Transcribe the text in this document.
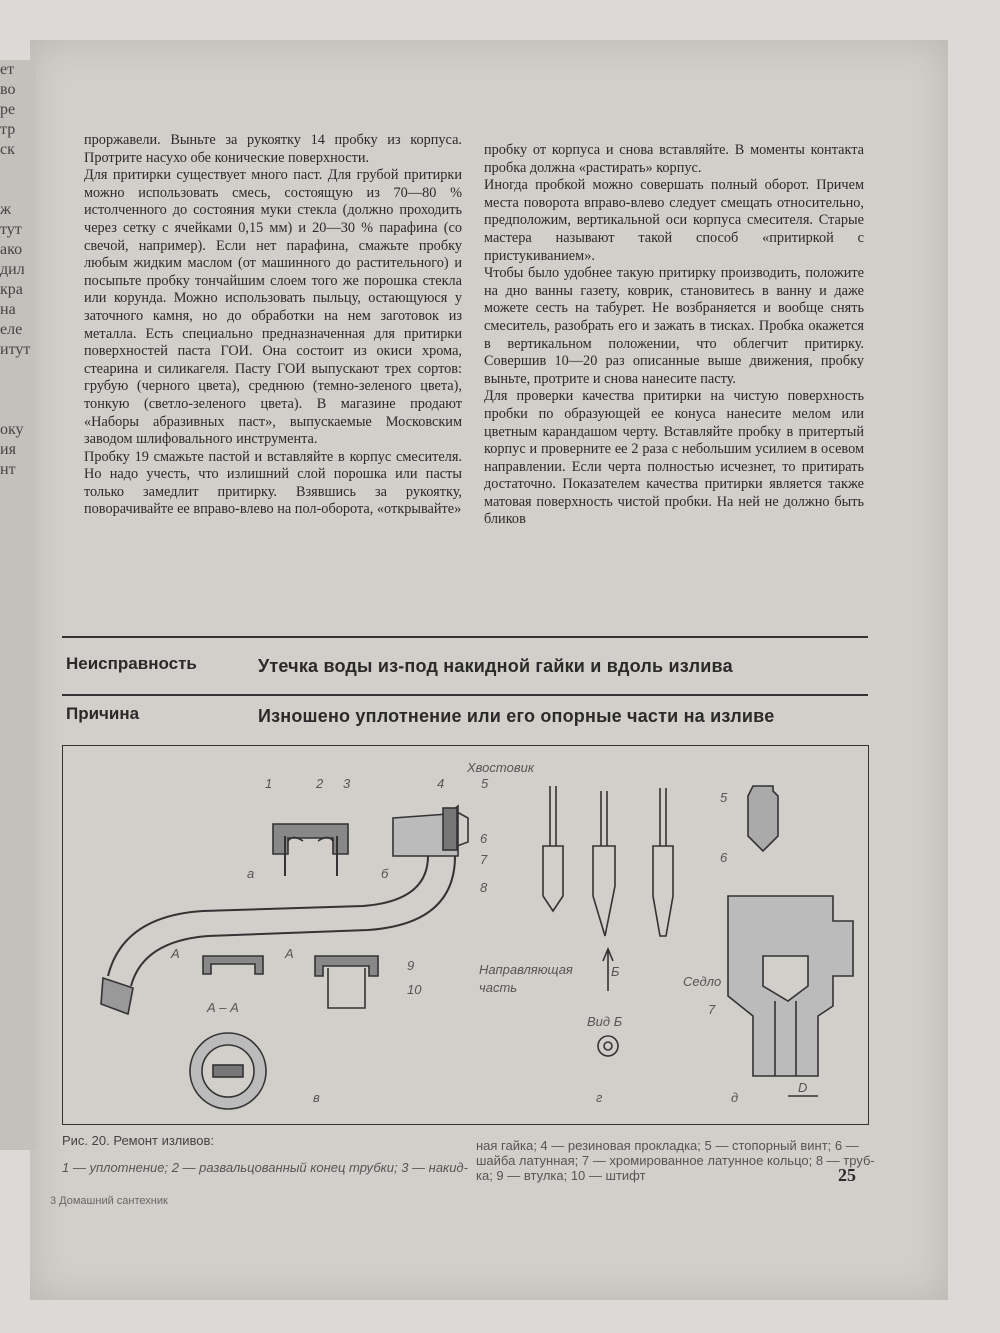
ет
во
ре
тр
ск
ж
тут
ако
дил
кра
на
еле
итут
оку
ия
нт

проржавели. Выньте за рукоятку 14 пробку из корпуса. Протрите насухо обе конические поверхности.

Для притирки существует много паст. Для грубой притирки можно использовать смесь, состоящую из 70—80 % истолченного до состояния муки стекла (должно проходить через сетку с ячейками 0,15 мм) и 20—30 % парафина (со свечой, например). Если нет парафина, смажьте пробку любым жидким маслом (от машинного до растительного) и посыпьте пробку тончайшим слоем того же порошка стекла или корунда. Можно использовать пыльцу, остающуюся у заточного камня, но до обработки на нем заготовок из металла. Есть специально предназначенная для притирки поверхностей паста ГОИ. Она состоит из окиси хрома, стеарина и силикагеля. Пасту ГОИ выпускают трех сортов: грубую (черного цвета), среднюю (темно-зеленого цвета), тонкую (светло-зеленого цвета). В магазине продают «Наборы абразивных паст», выпускаемые Московским заводом шлифовального инструмента.

Пробку 19 смажьте пастой и вставляйте в корпус смесителя. Но надо учесть, что излишний слой порошка или пасты только замедлит притирку. Взявшись за рукоятку, поворачивайте ее вправо-влево на пол-оборота, «открывайте»

пробку от корпуса и снова вставляйте. В моменты контакта пробка должна «растирать» корпус.

Иногда пробкой можно совершать полный оборот. Причем места поворота вправо-влево следует смещать относительно, предположим, вертикальной оси корпуса смесителя. Старые мастера называют такой способ «притиркой с пристукиванием».

Чтобы было удобнее такую притирку производить, положите на дно ванны газету, коврик, становитесь в ванну и даже можете сесть на табурет. Не возбраняется и вообще снять смеситель, разобрать его и зажать в тисках. Пробка окажется в вертикальном положении, что облегчит притирку. Совершив 10—20 раз описанные выше движения, пробку выньте, протрите и снова нанесите пасту.

Для проверки качества притирки на чистую поверхность пробки по образующей ее конуса нанесите мелом или цветным карандашом черту. Вставляйте пробку в притертый корпус и проверните ее 2 раза с небольшим усилием в осевом направлении. Если черта полностью исчезнет, то притирать достаточно. Показателем качества притирки является также матовая поверхность чистой пробки. На ней не должно быть бликов

Неисправность	Утечка воды из-под накидной гайки и вдоль излива
Причина	Изношено уплотнение или его опорные части на изливе
1	2 3	4	5
6
7
8
9
10
а	б
в	г	д
А	А
А – А
Хвостовик
Направляющая
часть
Б
Вид Б
Седло
D
5
6
7
Рис. 20. Ремонт изливов:
1 — уплотнение; 2 — развальцованный конец трубки; 3 — накид-
ная гайка; 4 — резиновая прокладка; 5 — стопорный винт; 6 —
шайба латунная; 7 — хромированное латунное кольцо; 8 — труб-
ка; 9 — втулка; 10 — штифт	25
3 Домашний сантехник
